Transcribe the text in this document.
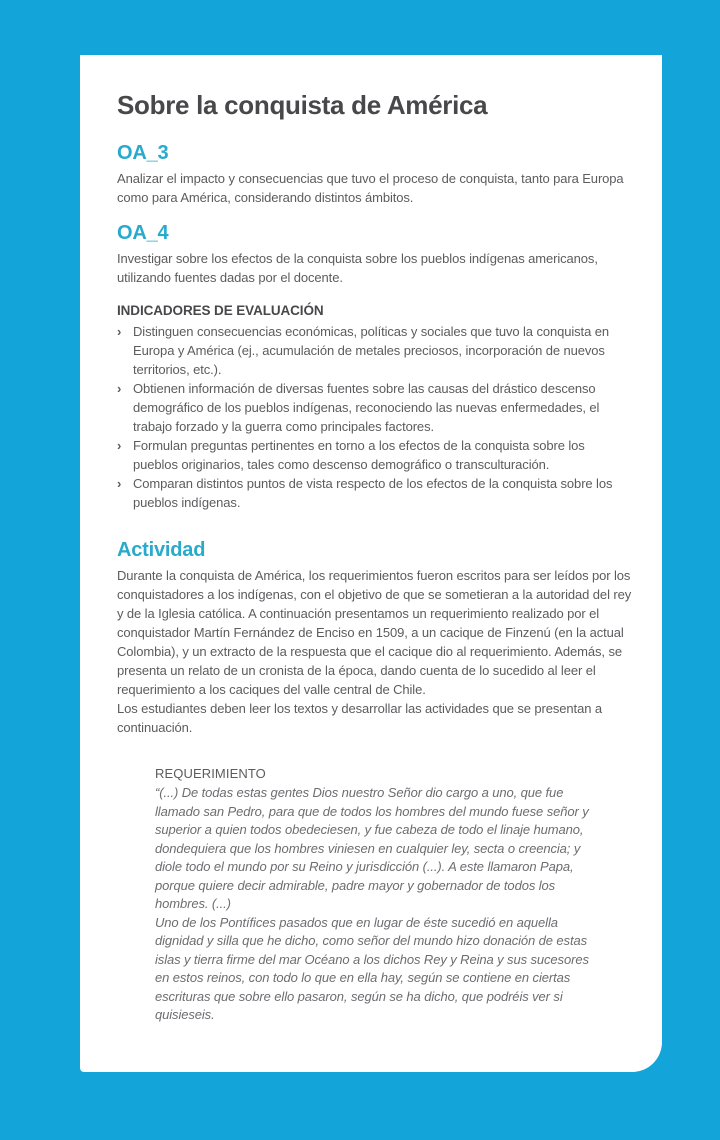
Sobre la conquista de América
OA_3

Analizar el impacto y consecuencias que tuvo el proceso de conquista, tanto para Europa como para América, considerando distintos ámbitos.

OA_4

Investigar sobre los efectos de la conquista sobre los pueblos indígenas americanos, utilizando fuentes dadas por el docente.

INDICADORES DE EVALUACIÓN
› Distinguen consecuencias económicas, políticas y sociales que tuvo la conquista en Europa y América (ej., acumulación de metales preciosos, incorporación de nuevos territorios, etc.).
› Obtienen información de diversas fuentes sobre las causas del drástico descenso demográfico de los pueblos indígenas, reconociendo las nuevas enfermedades, el trabajo forzado y la guerra como principales factores.
› Formulan preguntas pertinentes en torno a los efectos de la conquista sobre los pueblos originarios, tales como descenso demográfico o transculturación.
› Comparan distintos puntos de vista respecto de los efectos de la conquista sobre los pueblos indígenas.
Actividad

Durante la conquista de América, los requerimientos fueron escritos para ser leídos por los conquistadores a los indígenas, con el objetivo de que se sometieran a la autoridad del rey y de la Iglesia católica. A continuación presentamos un requerimiento realizado por el conquistador Martín Fernández de Enciso en 1509, a un cacique de Finzenú (en la actual Colombia), y un extracto de la respuesta que el cacique dio al requerimiento. Además, se presenta un relato de un cronista de la época, dando cuenta de lo sucedido al leer el requerimiento a los caciques del valle central de Chile.

Los estudiantes deben leer los textos y desarrollar las actividades que se presentan a continuación.

REQUERIMIENTO

“(...) De todas estas gentes Dios nuestro Señor dio cargo a uno, que fue llamado san Pedro, para que de todos los hombres del mundo fuese señor y superior a quien todos obedeciesen, y fue cabeza de todo el linaje humano, dondequiera que los hombres viniesen en cualquier ley, secta o creencia; y diole todo el mundo por su Reino y jurisdicción (...). A este llamaron Papa, porque quiere decir admirable, padre mayor y gobernador de todos los hombres. (...)

Uno de los Pontífices pasados que en lugar de éste sucedió en aquella dignidad y silla que he dicho, como señor del mundo hizo donación de estas islas y tierra firme del mar Océano a los dichos Rey y Reina y sus sucesores en estos reinos, con todo lo que en ella hay, según se contiene en ciertas escrituras que sobre ello pasaron, según se ha dicho, que podréis ver si quisieseis.
